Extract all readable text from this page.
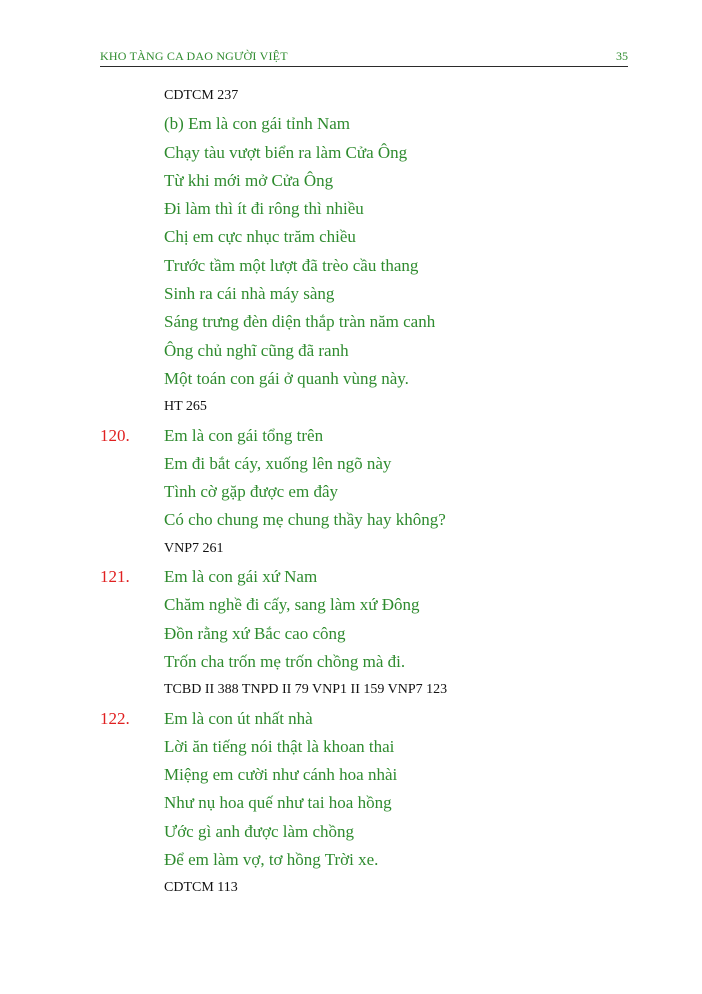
KHO TÀNG CA DAO NGƯỜI VIỆT	35
CDTCM 237
(b) Em là con gái tỉnh Nam
Chạy tàu vượt biển ra làm Cửa Ông
Từ khi mới mở Cửa Ông
Đi làm thì ít đi rông thì nhiều
Chị em cực nhục trăm chiều
Trước tầm một lượt đã trèo cầu thang
Sinh ra cái nhà máy sàng
Sáng trưng đèn diện thắp tràn năm canh
Ông chủ nghĩ cũng đã ranh
Một toán con gái ở quanh vùng này.
HT 265
120. Em là con gái tổng trên
Em đi bắt cáy, xuống lên ngõ này
Tình cờ gặp được em đây
Có cho chung mẹ chung thầy hay không?
VNP7 261
121. Em là con gái xứ Nam
Chăm nghề đi cấy, sang làm xứ Đông
Đồn rằng xứ Bắc cao công
Trốn cha trốn mẹ trốn chồng mà đi.
TCBD II 388 TNPD II 79 VNP1 II 159 VNP7 123
122. Em là con út nhất nhà
Lời ăn tiếng nói thật là khoan thai
Miệng em cười như cánh hoa nhài
Như nụ hoa quế như tai hoa hồng
Ước gì anh được làm chồng
Để em làm vợ, tơ hồng Trời xe.
CDTCM 113
